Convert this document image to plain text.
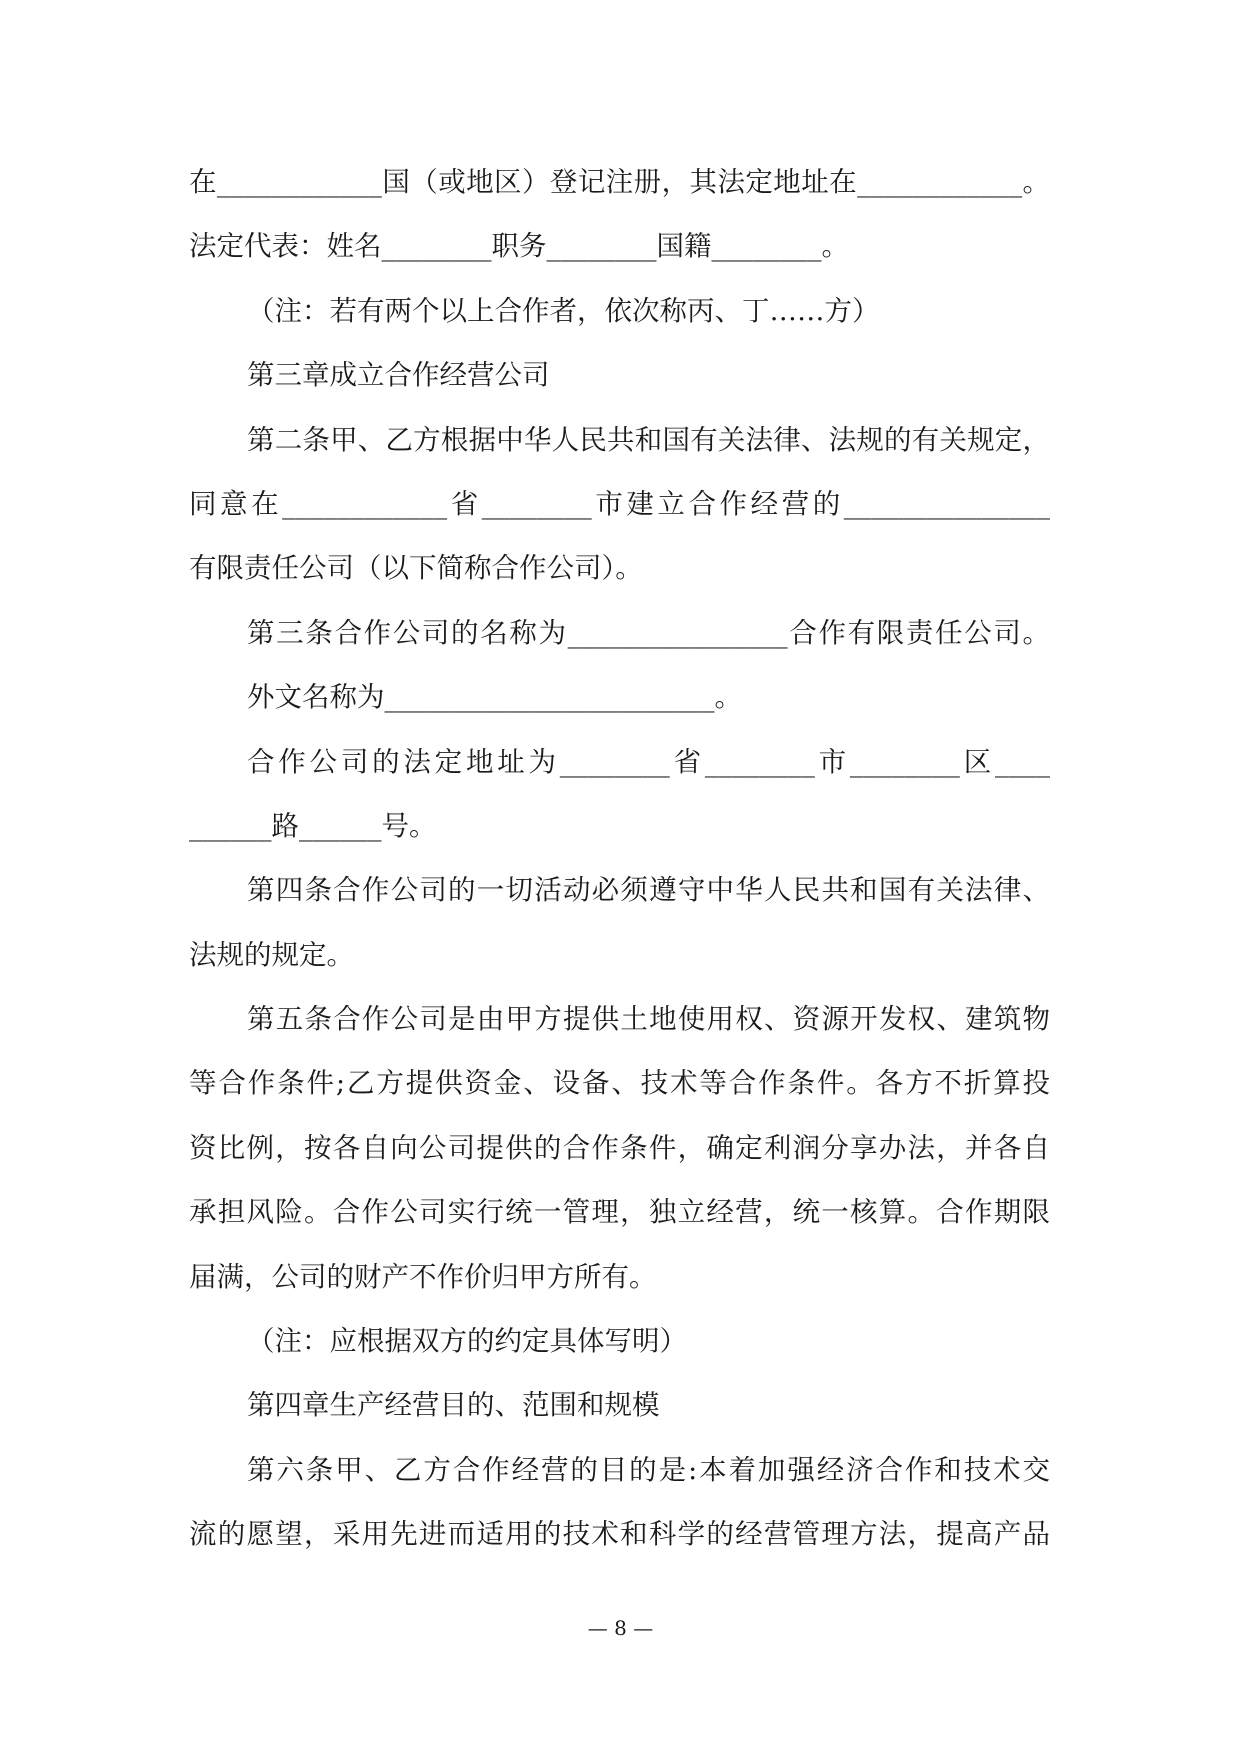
在____________国（或地区）登记注册，其法定地址在____________。
法定代表：姓名________职务________国籍________。
（注：若有两个以上合作者，依次称丙、丁……方）
第三章成立合作经营公司
第二条甲、乙方根据中华人民共和国有关法律、法规的有关规定，
同意在____________省________市建立合作经营的_______________
有限责任公司（以下简称合作公司）。
第三条合作公司的名称为________________合作有限责任公司。
外文名称为________________________。
合作公司的法定地址为________省________市________区____
______路______号。
第四条合作公司的一切活动必须遵守中华人民共和国有关法律、
法规的规定。
第五条合作公司是由甲方提供土地使用权、资源开发权、建筑物
等合作条件;乙方提供资金、设备、技术等合作条件。各方不折算投
资比例，按各自向公司提供的合作条件，确定利润分享办法，并各自
承担风险。合作公司实行统一管理，独立经营，统一核算。合作期限
届满，公司的财产不作价归甲方所有。
（注：应根据双方的约定具体写明）
第四章生产经营目的、范围和规模
第六条甲、乙方合作经营的目的是:本着加强经济合作和技术交
流的愿望，采用先进而适用的技术和科学的经营管理方法，提高产品
— 8 —
